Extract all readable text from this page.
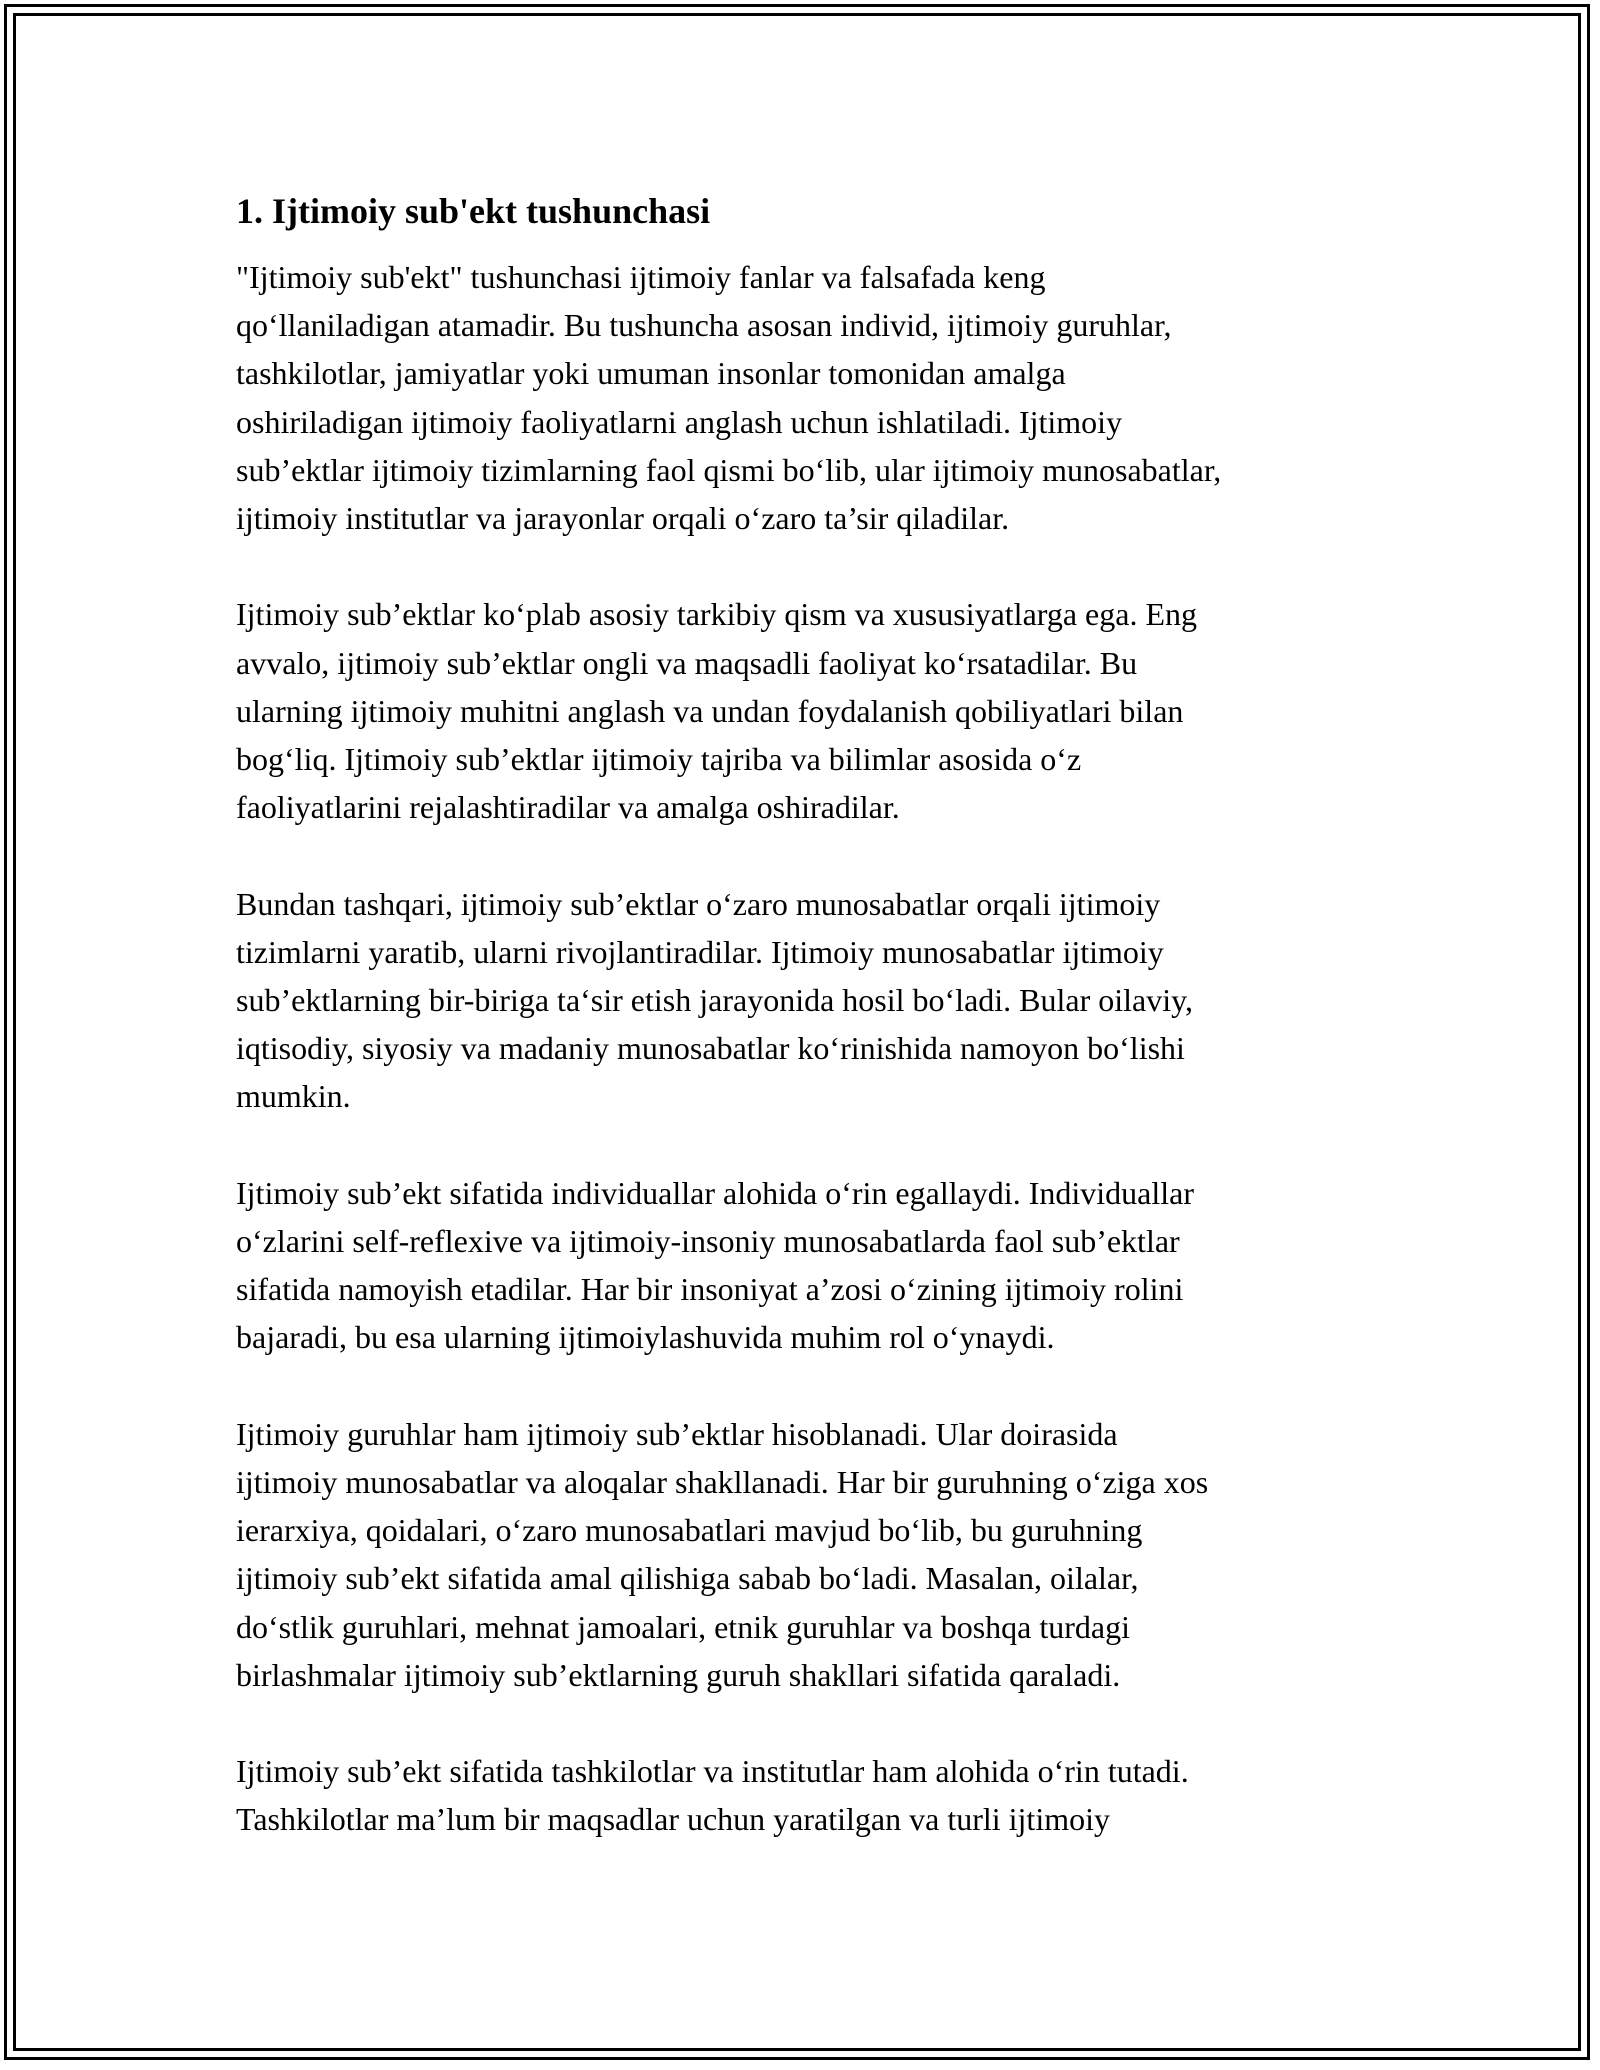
1. Ijtimoiy sub'ekt tushunchasi

"Ijtimoiy sub'ekt" tushunchasi ijtimoiy fanlar va falsafada keng
qo‘llaniladigan atamadir. Bu tushuncha asosan individ, ijtimoiy guruhlar,
tashkilotlar, jamiyatlar yoki umuman insonlar tomonidan amalga
oshiriladigan ijtimoiy faoliyatlarni anglash uchun ishlatiladi. Ijtimoiy
sub’ektlar ijtimoiy tizimlarning faol qismi bo‘lib, ular ijtimoiy munosabatlar,
ijtimoiy institutlar va jarayonlar orqali o‘zaro ta’sir qiladilar.

Ijtimoiy sub’ektlar ko‘plab asosiy tarkibiy qism va xususiyatlarga ega. Eng
avvalo, ijtimoiy sub’ektlar ongli va maqsadli faoliyat ko‘rsatadilar. Bu
ularning ijtimoiy muhitni anglash va undan foydalanish qobiliyatlari bilan
bog‘liq. Ijtimoiy sub’ektlar ijtimoiy tajriba va bilimlar asosida o‘z
faoliyatlarini rejalashtiradilar va amalga oshiradilar.

Bundan tashqari, ijtimoiy sub’ektlar o‘zaro munosabatlar orqali ijtimoiy
tizimlarni yaratib, ularni rivojlantiradilar. Ijtimoiy munosabatlar ijtimoiy
sub’ektlarning bir-biriga ta‘sir etish jarayonida hosil bo‘ladi. Bular oilaviy,
iqtisodiy, siyosiy va madaniy munosabatlar ko‘rinishida namoyon bo‘lishi
mumkin.

Ijtimoiy sub’ekt sifatida individuallar alohida o‘rin egallaydi. Individuallar
o‘zlarini self-reflexive va ijtimoiy-insoniy munosabatlarda faol sub’ektlar
sifatida namoyish etadilar. Har bir insoniyat a’zosi o‘zining ijtimoiy rolini
bajaradi, bu esa ularning ijtimoiylashuvida muhim rol o‘ynaydi.

Ijtimoiy guruhlar ham ijtimoiy sub’ektlar hisoblanadi. Ular doirasida
ijtimoiy munosabatlar va aloqalar shakllanadi. Har bir guruhning o‘ziga xos
ierarxiya, qoidalari, o‘zaro munosabatlari mavjud bo‘lib, bu guruhning
ijtimoiy sub’ekt sifatida amal qilishiga sabab bo‘ladi. Masalan, oilalar,
do‘stlik guruhlari, mehnat jamoalari, etnik guruhlar va boshqa turdagi
birlashmalar ijtimoiy sub’ektlarning guruh shakllari sifatida qaraladi.

Ijtimoiy sub’ekt sifatida tashkilotlar va institutlar ham alohida o‘rin tutadi.
Tashkilotlar ma’lum bir maqsadlar uchun yaratilgan va turli ijtimoiy
